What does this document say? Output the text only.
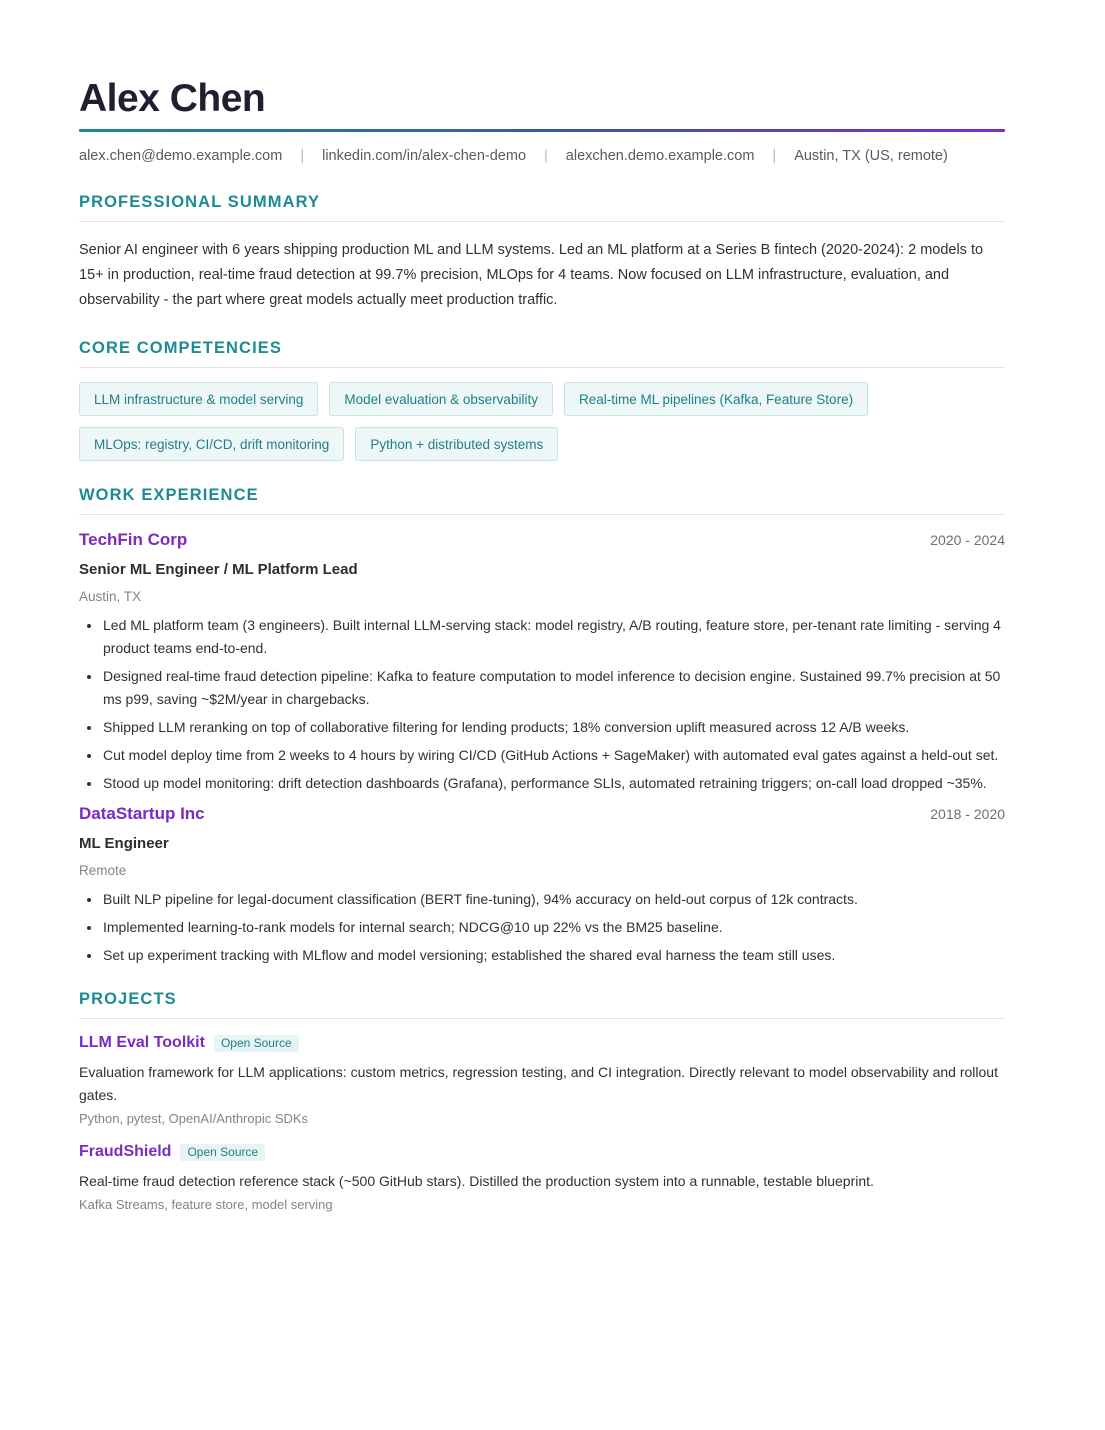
Alex Chen
alex.chen@demo.example.com | linkedin.com/in/alex-chen-demo | alexchen.demo.example.com | Austin, TX (US, remote)
PROFESSIONAL SUMMARY
Senior AI engineer with 6 years shipping production ML and LLM systems. Led an ML platform at a Series B fintech (2020-2024): 2 models to 15+ in production, real-time fraud detection at 99.7% precision, MLOps for 4 teams. Now focused on LLM infrastructure, evaluation, and observability - the part where great models actually meet production traffic.
CORE COMPETENCIES
LLM infrastructure & model serving	Model evaluation & observability	Real-time ML pipelines (Kafka, Feature Store)
MLOps: registry, CI/CD, drift monitoring	Python + distributed systems
WORK EXPERIENCE
TechFin Corp	2020 - 2024
Senior ML Engineer / ML Platform Lead
Austin, TX
Led ML platform team (3 engineers). Built internal LLM-serving stack: model registry, A/B routing, feature store, per-tenant rate limiting - serving 4 product teams end-to-end.
Designed real-time fraud detection pipeline: Kafka to feature computation to model inference to decision engine. Sustained 99.7% precision at 50 ms p99, saving ~$2M/year in chargebacks.
Shipped LLM reranking on top of collaborative filtering for lending products; 18% conversion uplift measured across 12 A/B weeks.
Cut model deploy time from 2 weeks to 4 hours by wiring CI/CD (GitHub Actions + SageMaker) with automated eval gates against a held-out set.
Stood up model monitoring: drift detection dashboards (Grafana), performance SLIs, automated retraining triggers; on-call load dropped ~35%.
DataStartup Inc	2018 - 2020
ML Engineer
Remote
Built NLP pipeline for legal-document classification (BERT fine-tuning), 94% accuracy on held-out corpus of 12k contracts.
Implemented learning-to-rank models for internal search; NDCG@10 up 22% vs the BM25 baseline.
Set up experiment tracking with MLflow and model versioning; established the shared eval harness the team still uses.
PROJECTS
LLM Eval Toolkit	Open Source
Evaluation framework for LLM applications: custom metrics, regression testing, and CI integration. Directly relevant to model observability and rollout gates.
Python, pytest, OpenAI/Anthropic SDKs
FraudShield	Open Source
Real-time fraud detection reference stack (~500 GitHub stars). Distilled the production system into a runnable, testable blueprint.
Kafka Streams, feature store, model serving
